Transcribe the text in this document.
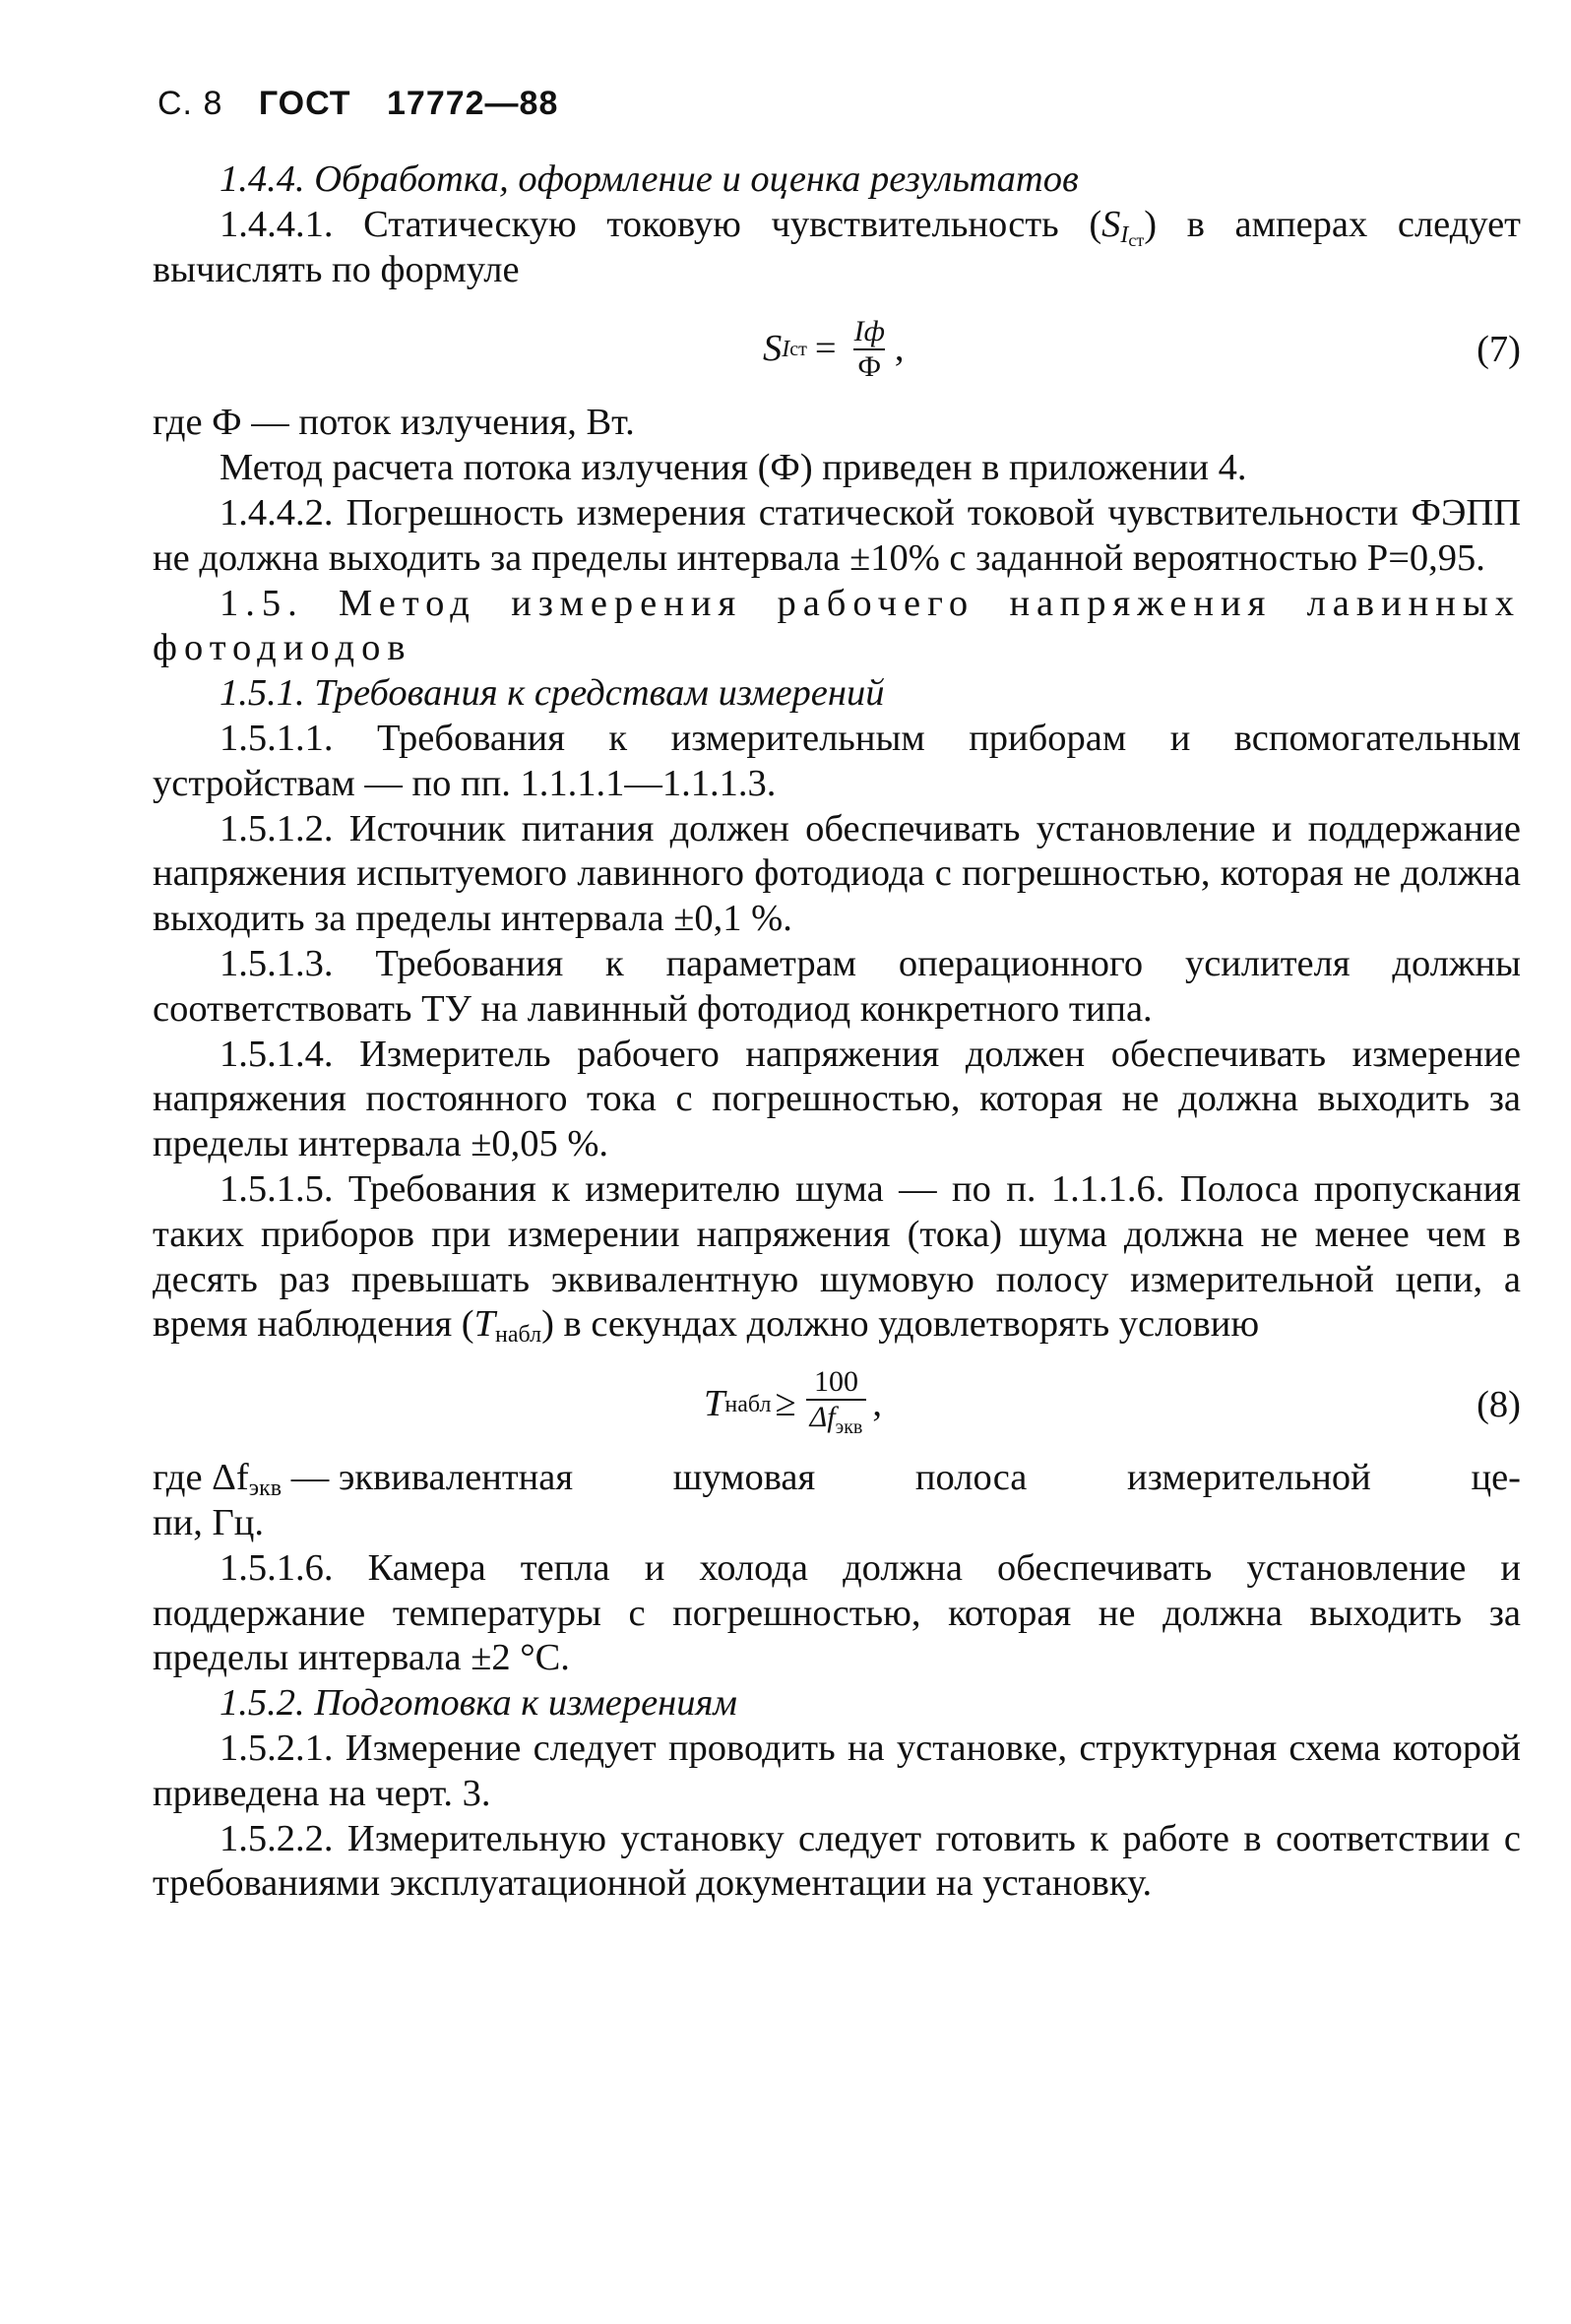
С. 8 ГОСТ 17772—88

1.4.4. Обработка, оформление и оценка результатов

1.4.4.1. Статическую токовую чувствительность $(S_{I_{ст}})$ в амперах следует вычислять по формуле

S I ст = $\frac{Iф}{Ф}$ ,	(7)

где Ф — поток излучения, Вт.

Метод расчета потока излучения (Ф) приведен в приложении 4.

1.4.4.2. Погрешность измерения статической токовой чувствительности ФЭПП не должна выходить за пределы интервала ±10% с заданной вероятностью P=0,95.

1.5. Метод измерения рабочего напряжения лавинных фотодиодов

1.5.1. Требования к средствам измерений

1.5.1.1. Требования к измерительным приборам и вспомогательным устройствам — по пп. 1.1.1.1—1.1.1.3.

1.5.1.2. Источник питания должен обеспечивать установление и поддержание напряжения испытуемого лавинного фотодиода с погрешностью, которая не должна выходить за пределы интервала ±0,1 %.

1.5.1.3. Требования к параметрам операционного усилителя должны соответствовать ТУ на лавинный фотодиод конкретного типа.

1.5.1.4. Измеритель рабочего напряжения должен обеспечивать измерение напряжения постоянного тока с погрешностью, которая не должна выходить за пределы интервала ±0,05 %.

1.5.1.5. Требования к измерителю шума — по п. 1.1.1.6. Полоса пропускания таких приборов при измерении напряжения (тока) шума должна не менее чем в десять раз превышать эквивалентную шумовую полосу измерительной цепи, а время наблюдения $(T_{набл})$ в секундах должно удовлетворять условию

T набл ≥ $\frac{100}{\Delta f_{экв}}$ ,	(8)
где $\Delta f_{экв}$ — эквивалентная шумовая полоса измерительной це-
пи, Гц.

1.5.1.6. Камера тепла и холода должна обеспечивать установление и поддержание температуры с погрешностью, которая не должна выходить за пределы интервала ±2 °С.

1.5.2. Подготовка к измерениям

1.5.2.1. Измерение следует проводить на установке, структурная схема которой приведена на черт. 3.

1.5.2.2. Измерительную установку следует готовить к работе в соответствии с требованиями эксплуатационной документации на установку.
